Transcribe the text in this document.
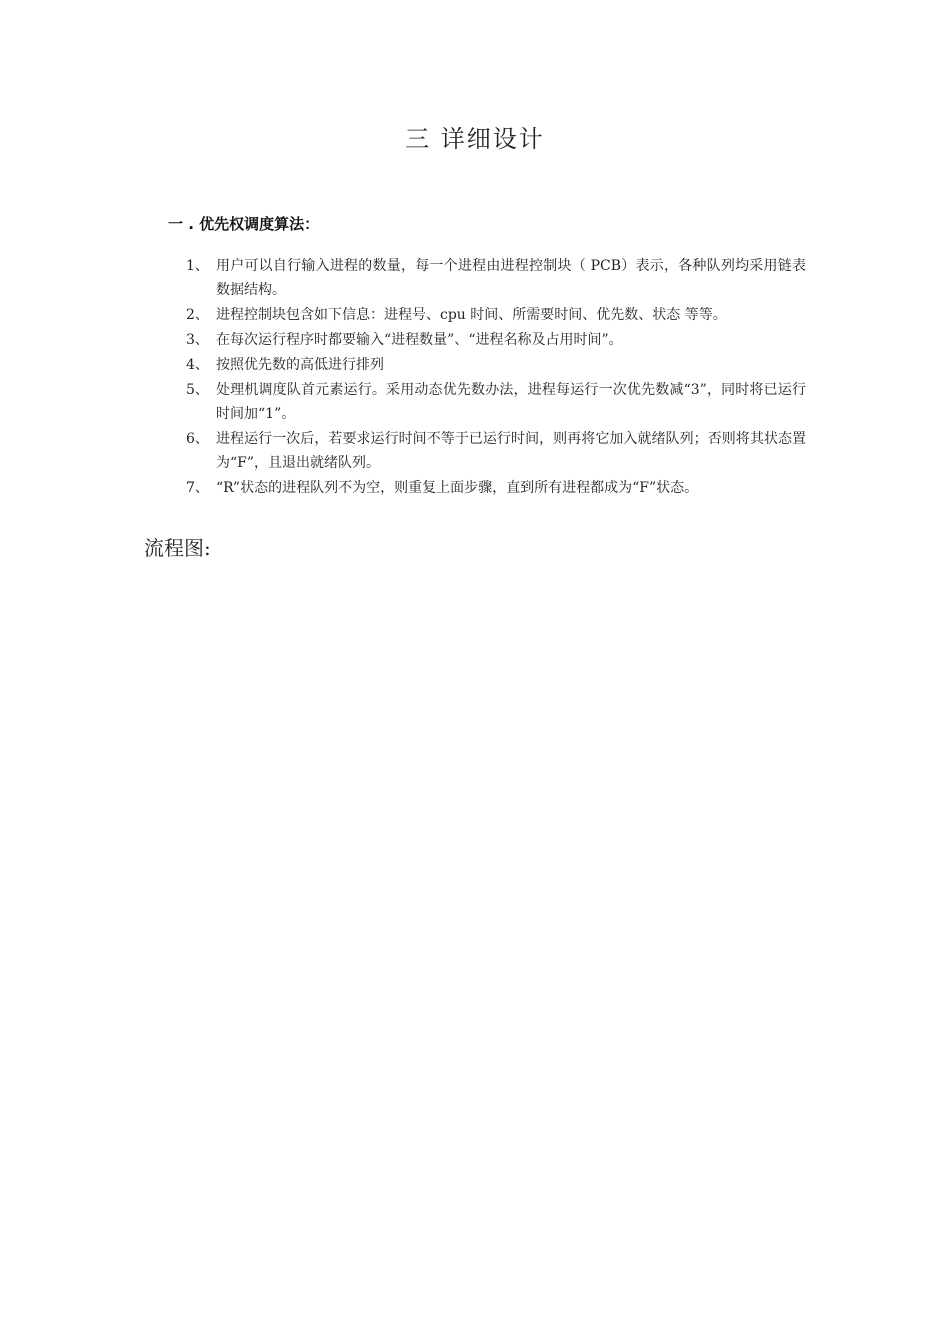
三 详细设计
一 . 优先权调度算法：
1、 用户可以自行输入进程的数量，每一个进程由进程控制块（ PCB）表示，各种队列均采用链表数据结构。
2、 进程控制块包含如下信息：进程号、cpu 时间、所需要时间、优先数、状态 等等。
3、 在每次运行程序时都要输入“进程数量”、“进程名称及占用时间”。
4、 按照优先数的高低进行排列
5、 处理机调度队首元素运行。采用动态优先数办法，进程每运行一次优先数减“3”，同时将已运行时间加“1”。
6、 进程运行一次后，若要求运行时间不等于已运行时间，则再将它加入就绪队列；否则将其状态置为“F”，且退出就绪队列。
7、 “R”状态的进程队列不为空，则重复上面步骤，直到所有进程都成为“F”状态。
流程图:
